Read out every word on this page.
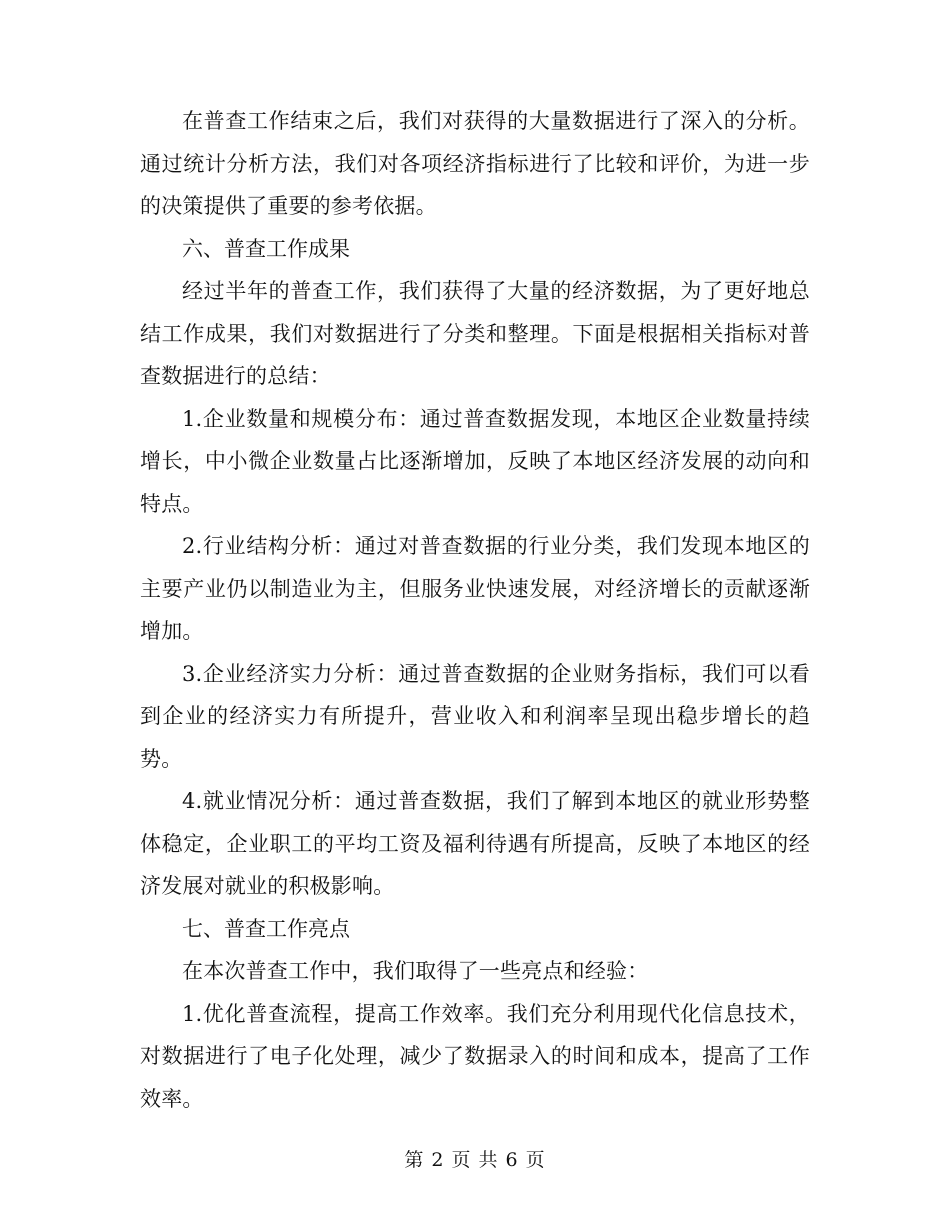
在普查工作结束之后，我们对获得的大量数据进行了深入的分析。通过统计分析方法，我们对各项经济指标进行了比较和评价，为进一步的决策提供了重要的参考依据。

六、普查工作成果

经过半年的普查工作，我们获得了大量的经济数据，为了更好地总结工作成果，我们对数据进行了分类和整理。下面是根据相关指标对普查数据进行的总结：

1.企业数量和规模分布：通过普查数据发现，本地区企业数量持续增长，中小微企业数量占比逐渐增加，反映了本地区经济发展的动向和特点。

2.行业结构分析：通过对普查数据的行业分类，我们发现本地区的主要产业仍以制造业为主，但服务业快速发展，对经济增长的贡献逐渐增加。

3.企业经济实力分析：通过普查数据的企业财务指标，我们可以看到企业的经济实力有所提升，营业收入和利润率呈现出稳步增长的趋势。

4.就业情况分析：通过普查数据，我们了解到本地区的就业形势整体稳定，企业职工的平均工资及福利待遇有所提高，反映了本地区的经济发展对就业的积极影响。

七、普查工作亮点

在本次普查工作中，我们取得了一些亮点和经验：

1.优化普查流程，提高工作效率。我们充分利用现代化信息技术，对数据进行了电子化处理，减少了数据录入的时间和成本，提高了工作效率。

第 2 页 共 6 页
